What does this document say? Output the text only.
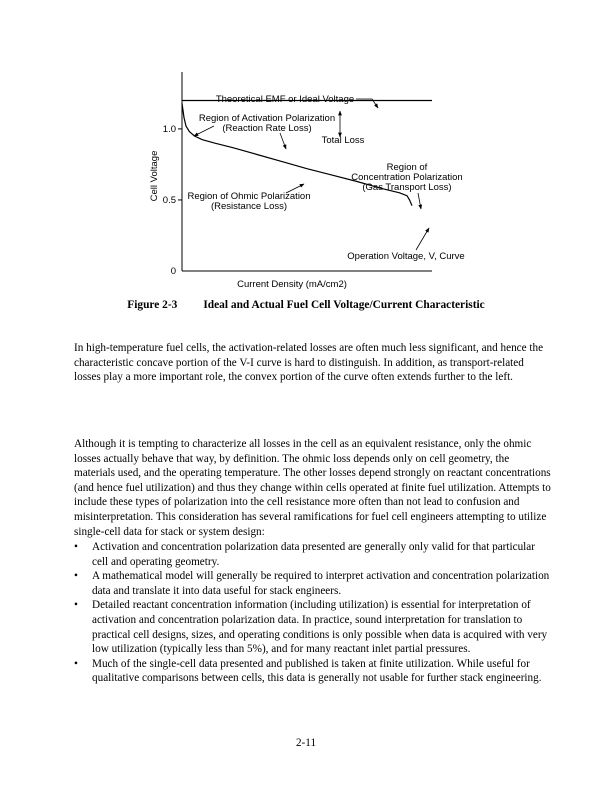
0
0.5
1.0
Cell Voltage
Current Density (mA/cm2)
Theoretical EMF or Ideal Voltage
Region of Activation Polarization
(Reaction Rate Loss)
Total Loss
Region of
Concentration Polarization
(Gas Transport Loss)
Region of Ohmic Polarization
(Resistance Loss)
Operation Voltage, V, Curve
Figure 2-3 Ideal and Actual Fuel Cell Voltage/Current Characteristic

In high-temperature fuel cells, the activation-related losses are often much less significant, and hence the characteristic concave portion of the V-I curve is hard to distinguish. In addition, as transport-related losses play a more important role, the convex portion of the curve often extends further to the left.

Although it is tempting to characterize all losses in the cell as an equivalent resistance, only the ohmic losses actually behave that way, by definition. The ohmic loss depends only on cell geometry, the materials used, and the operating temperature. The other losses depend strongly on reactant concentrations (and hence fuel utilization) and thus they change within cells operated at finite fuel utilization. Attempts to include these types of polarization into the cell resistance more often than not lead to confusion and misinterpretation. This consideration has several ramifications for fuel cell engineers attempting to utilize single-cell data for stack or system design:

• Activation and concentration polarization data presented are generally only valid for that particular cell and operating geometry.
• A mathematical model will generally be required to interpret activation and concentration polarization data and translate it into data useful for stack engineers.
• Detailed reactant concentration information (including utilization) is essential for interpretation of activation and concentration polarization data. In practice, sound interpretation for translation to practical cell designs, sizes, and operating conditions is only possible when data is acquired with very low utilization (typically less than 5%), and for many reactant inlet partial pressures.
• Much of the single-cell data presented and published is taken at finite utilization. While useful for qualitative comparisons between cells, this data is generally not usable for further stack engineering.
2-11
